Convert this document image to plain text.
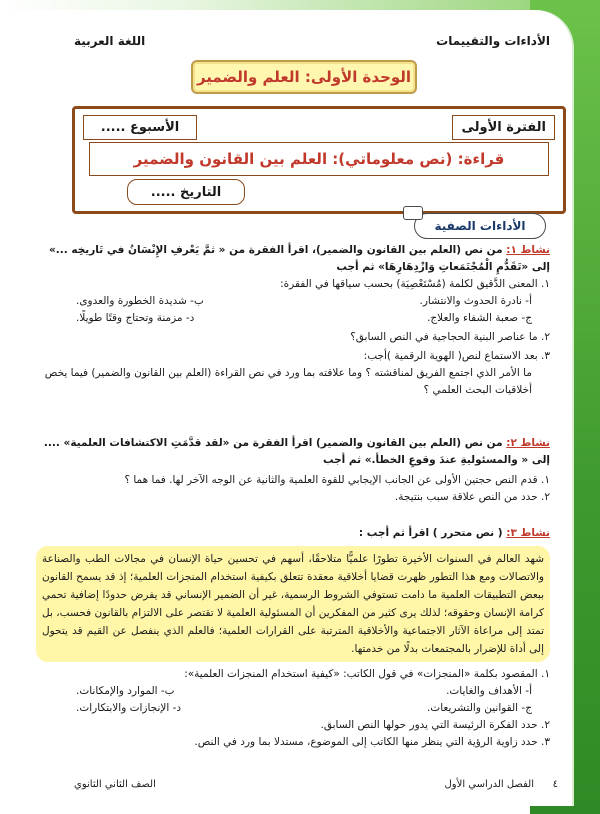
الأداءات والتقييمات
اللغة العربية
الوحدة الأولى: العلم والضمير
الفترة الأولى
الأسبوع .....
قراءة: (نص معلوماتي): العلم بين القانون والضمير
التاريخ .....
الأداءات الصفية
نشاط ١: من نص (العلم بين القانون والضمير)، اقرأ الفقرة من « ثمَّ يَعْرفِ الإِنْسَانُ في تَاريخِه ...» إلى «تَقَدُّمِ الْمُجْتَمَعاتِ وَازْدِهَارِهَا» ثم أجب
١. المعنى الدَّقيق لكلمة (مُسْتَعْصِيَة) بحسب سياقها في الفقرة:
أ- نادرة الحدوث والانتشار.
ب- شديدة الخطورة والعدوى.
ج- صعبة الشفاء والعلاج.
د- مزمنة وتحتاج وقتًا طويلًا.
٢. ما عناصر البنية الحجاجية في النص السابق؟
٣. بعد الاستماع لنص( الهوية الرقمية )أجب:
ما الأمر الذي اجتمع الفريق لمناقشته ؟ وما علاقته بما ورد في نص القراءة (العلم بين القانون والضمير) فيما يخص أخلاقيات البحث العلمي ؟
نشاط ٢: من نص (العلم بين القانون والضمير) اقرأ الفقرة من «لقد قدَّمَتِ الاكتشافات العلمية» .... إلى « والمسئوليةِ عندَ وقوعِ الخطأ.» ثم أجب
١. قدم النص حجتين الأولى عن الجانب الإيجابي للقوة العلمية والثانية عن الوجه الآخر لها. فما هما ؟
٢. حدد من النص علاقة سبب بنتيجة.
نشاط ٣: ( نص متحرر ) اقرأ ثم أجب :
شهد العالم في السنوات الأخيرة تطورًا علميًّا متلاحقًا، أسهم في تحسين حياة الإنسان في مجالات الطب والصناعة والاتصالات ومع هذا التطور ظهرت قضايا أخلاقية معقدة تتعلق بكيفية استخدام المنجزات العلمية؛ إذ قد يسمح القانون ببعض التطبيقات العلمية ما دامت تستوفي الشروط الرسمية، غير أن الضمير الإنساني قد يفرض حدودًا إضافية تحمي كرامة الإنسان وحقوقه؛ لذلك يرى كثير من المفكرين أن المسئولية العلمية لا تقتصر على الالتزام بالقانون فحسب، بل تمتد إلى مراعاة الآثار الاجتماعية والأخلاقية المترتبة على القرارات العلمية؛ فالعلم الذي ينفصل عن القيم قد يتحول إلى أداة للإضرار بالمجتمعات بدلًا من خدمتها.
١. المقصود بكلمة «المنجزات» في قول الكاتب: «كيفية استخدام المنجزات العلمية»:
أ- الأهداف والغايات.
ب- الموارد والإمكانات.
ج- القوانين والتشريعات.
د- الإنجازات والابتكارات.
٢. حدد الفكرة الرئيسة التي يدور حولها النص السابق.
٣. حدد زاوية الرؤية التي ينظر منها الكاتب إلى الموضوع، مستدلا بما ورد في النص.
٤
الفصل الدراسي الأول
الصف الثاني الثانوي
